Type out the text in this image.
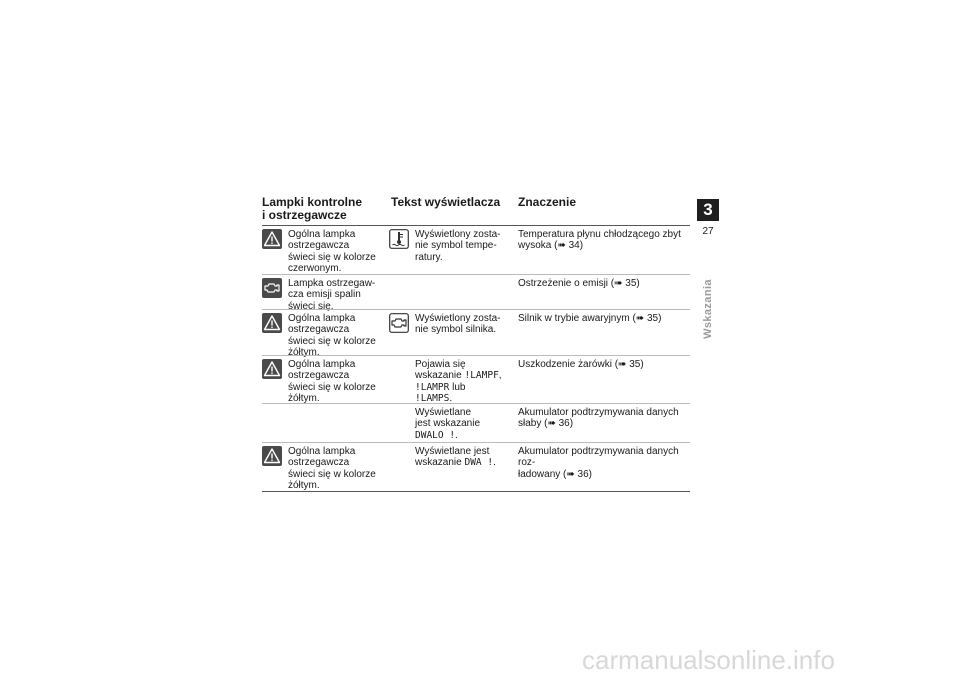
Lampki kontrolne
i ostrzegawcze
Tekst wyświetlacza	Znaczenie
Ogólna lampka
ostrzegawcza
świeci się w kolorze
czerwonym.
Wyświetlony zosta-
nie symbol tempe-
ratury.
Temperatura płynu chłodzącego zbyt
wysoka (➠ 34)
Lampka ostrzegaw-
cza emisji spalin
świeci się.
Ostrzeżenie o emisji (➠ 35)
Ogólna lampka
ostrzegawcza
świeci się w kolorze
żółtym.
Wyświetlony zosta-
nie symbol silnika.
Silnik w trybie awaryjnym (➠ 35)
Ogólna lampka
ostrzegawcza
świeci się w kolorze
żółtym.
Pojawia się
wskazanie !LAMPF,
!LAMPR lub
!LAMPS.
Uszkodzenie żarówki (➠ 35)
Wyświetlane
jest wskazanie
DWALO !.
Akumulator podtrzymywania danych
słaby (➠ 36)
Ogólna lampka
ostrzegawcza
świeci się w kolorze
żółtym.
Wyświetlane jest
wskazanie DWA !.
Akumulator podtrzymywania danych roz-
ładowany (➠ 36)
3
27
Wskazania
carmanualsonline.info
